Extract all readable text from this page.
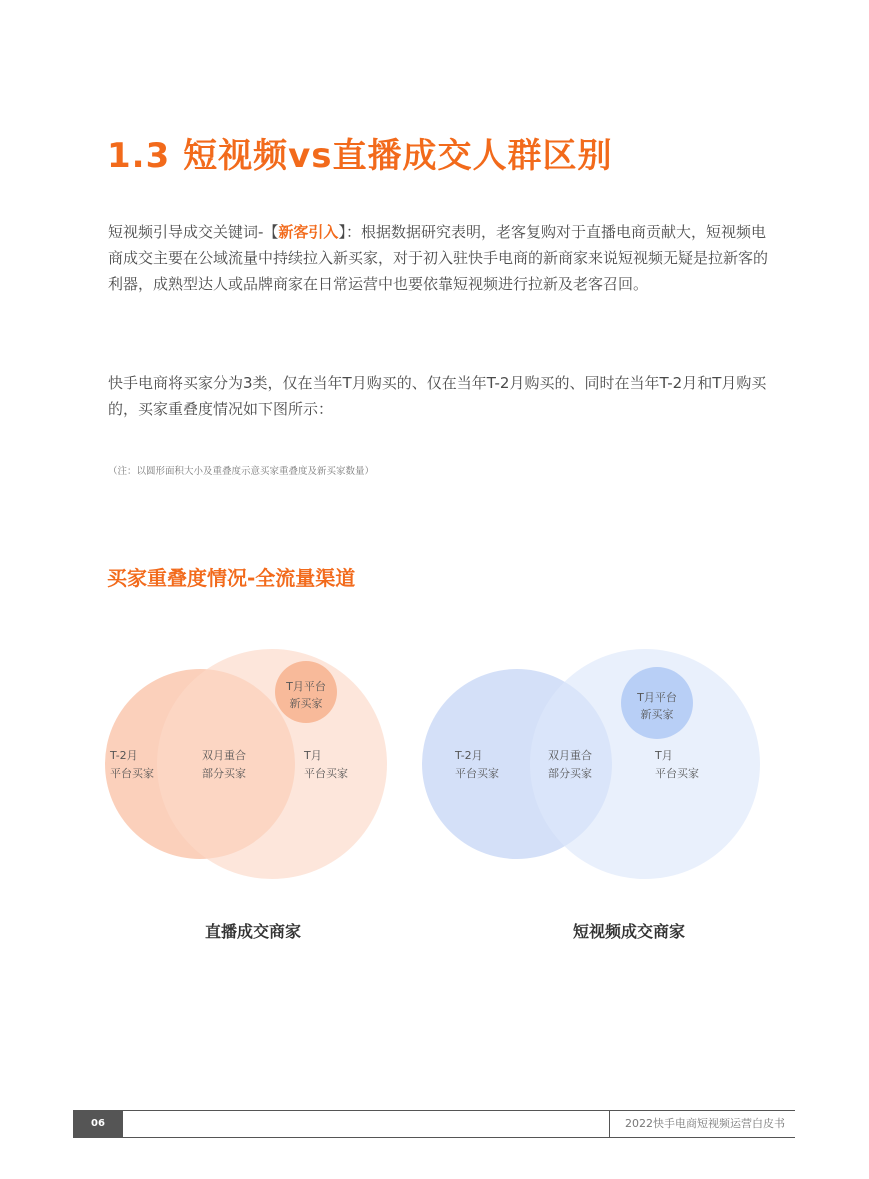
1.3 短视频vs直播成交人群区别

短视频引导成交关键词-【新客引入】：根据数据研究表明，老客复购对于直播电商贡献大，短视频电商成交主要在公域流量中持续拉入新买家，对于初入驻快手电商的新商家来说短视频无疑是拉新客的利器，成熟型达人或品牌商家在日常运营中也要依靠短视频进行拉新及老客召回。

快手电商将买家分为3类，仅在当年T月购买的、仅在当年T-2月购买的、同时在当年T-2月和T月购买的，买家重叠度情况如下图所示：

（注：以圆形面积大小及重叠度示意买家重叠度及新买家数量）

买家重叠度情况-全流量渠道
T-2月
平台买家
双月重合
部分买家
T月
平台买家
T月平台
新买家
T-2月
平台买家
双月重合
部分买家
T月
平台买家
T月平台
新买家

直播成交商家	短视频成交商家

06	2022快手电商短视频运营白皮书
